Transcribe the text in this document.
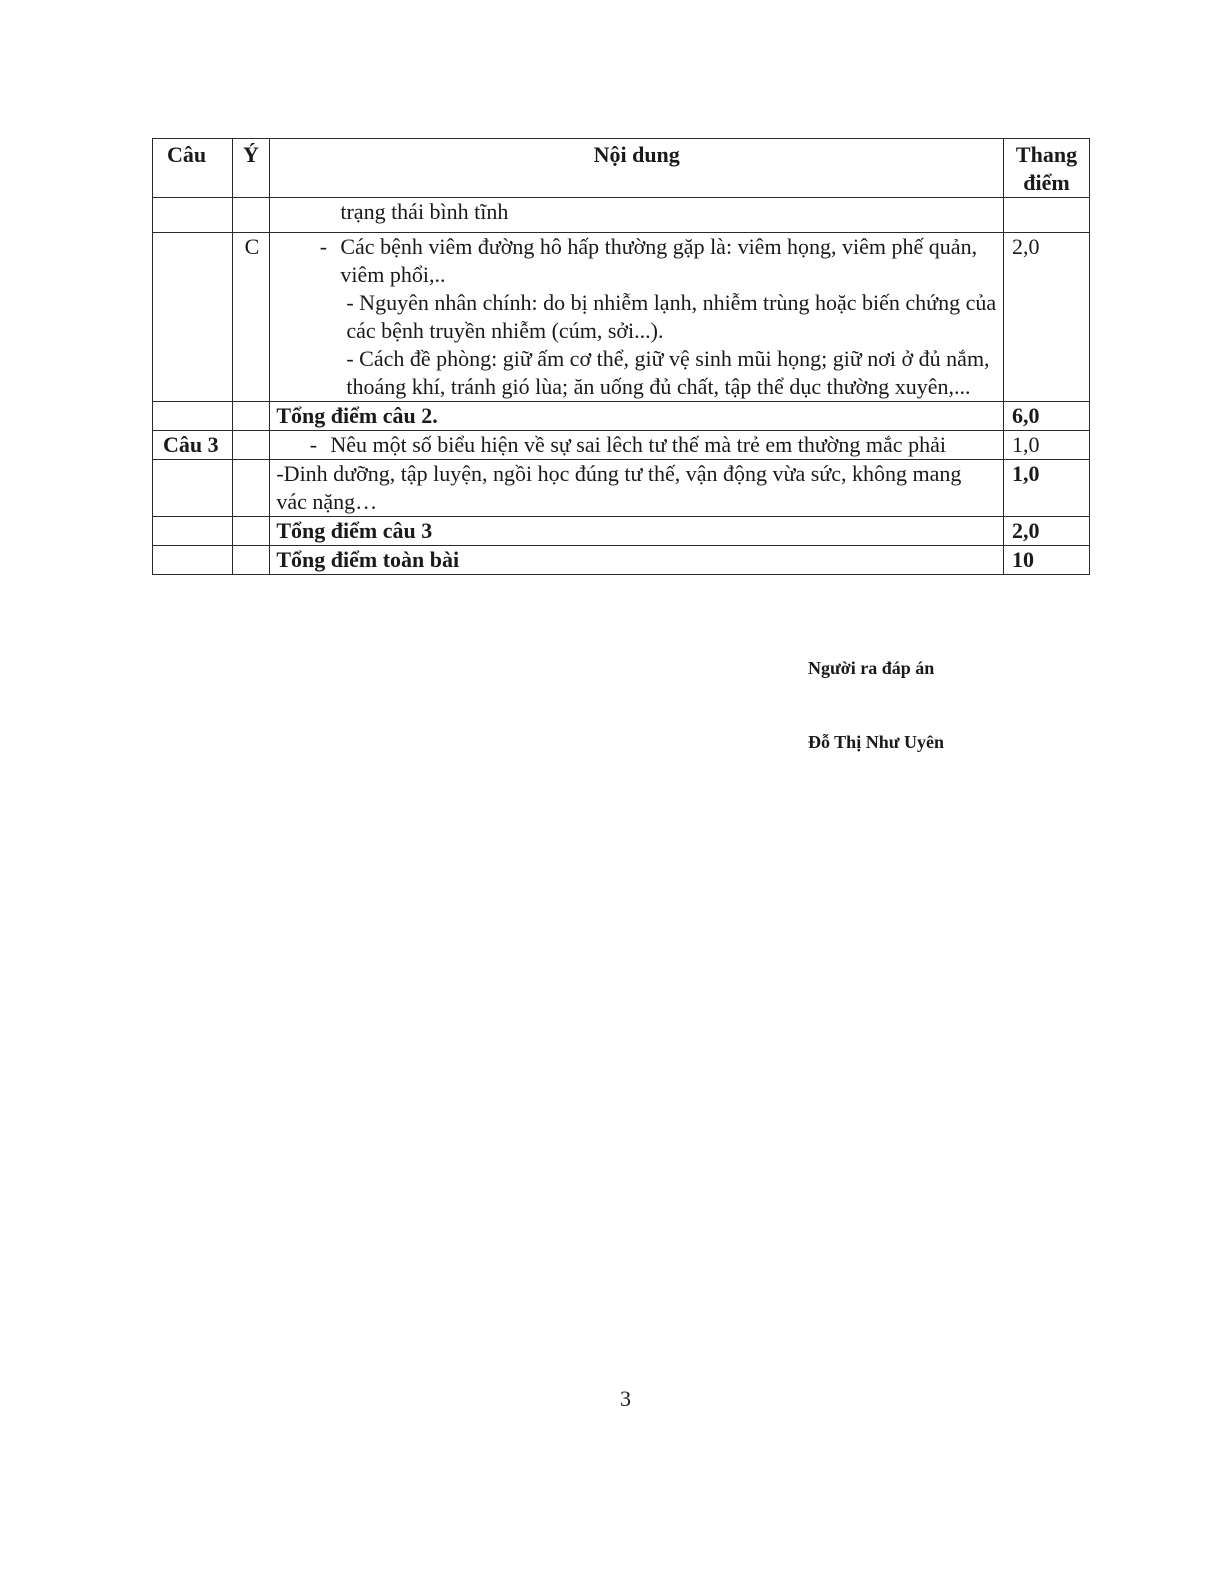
Câu	Ý	Nội dung	Thang điểm
		trạng thái bình tĩnh	
	C	- Các bệnh viêm đường hô hấp thường gặp là: viêm họng, viêm phế quản, viêm phổi,..
- Nguyên nhân chính: do bị nhiễm lạnh, nhiễm trùng hoặc biến chứng của các bệnh truyền nhiễm (cúm, sởi...).
- Cách đề phòng: giữ ấm cơ thể, giữ vệ sinh mũi họng; giữ nơi ở đủ nắm, thoáng khí, tránh gió lùa; ăn uống đủ chất, tập thể dục thường xuyên,...	2,0
		Tổng điểm câu 2.	6,0
Câu 3		- Nêu một số biểu hiện về sự sai lêch tư thế mà trẻ em thường mắc phải	1,0
		-Dinh dưỡng, tập luyện, ngồi học đúng tư thế, vận động vừa sức, không mang vác nặng…	1,0
		Tổng điểm câu 3	2,0
		Tổng điểm toàn bài	10
Người ra đáp án
Đỗ Thị Như Uyên
3
